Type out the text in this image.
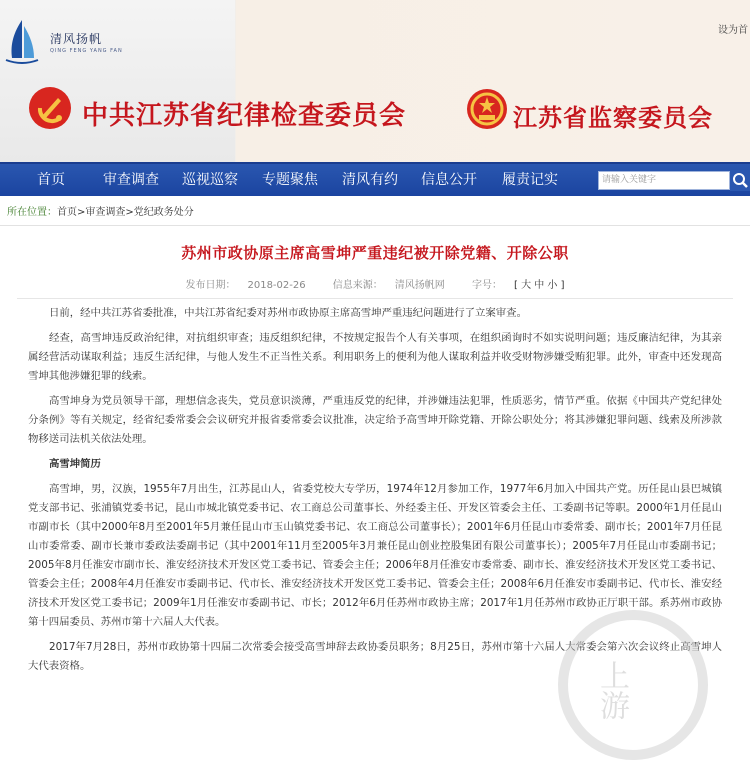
清风扬帆
QING FENG YANG FAN
设为首
中共江苏省纪律检查委员会	江苏省监察委员会
首页	审查调查 巡视巡察 专题聚焦 清风有约 信息公开 履责记实	请输入关键字
所在位置：首页>审查调查>党纪政务处分
苏州市政协原主席高雪坤严重违纪被开除党籍、开除公职
发布日期： 2018-02-26	信息来源： 清风扬帆网	字号： [ 大 中 小 ]

日前，经中共江苏省委批准，中共江苏省纪委对苏州市政协原主席高雪坤严重违纪问题进行了立案审查。

经查，高雪坤违反政治纪律，对抗组织审查；违反组织纪律，不按规定报告个人有关事项，在组织函询时不如实说明问题；违反廉洁纪律，为其亲属经营活动谋取利益；违反生活纪律，与他人发生不正当性关系。利用职务上的便利为他人谋取利益并收受财物涉嫌受贿犯罪。此外，审查中还发现高雪坤其他涉嫌犯罪的线索。

高雪坤身为党员领导干部，理想信念丧失，党员意识淡薄，严重违反党的纪律，并涉嫌违法犯罪，性质恶劣，情节严重。依据《中国共产党纪律处分条例》等有关规定，经省纪委常委会会议研究并报省委常委会议批准，决定给予高雪坤开除党籍、开除公职处分；将其涉嫌犯罪问题、线索及所涉款物移送司法机关依法处理。

高雪坤简历

高雪坤，男，汉族，1955年7月出生，江苏昆山人，省委党校大专学历，1974年12月参加工作，1977年6月加入中国共产党。历任昆山县巴城镇党支部书记、张浦镇党委书记，昆山市城北镇党委书记、农工商总公司董事长、外经委主任、开发区管委会主任、工委副书记等职。2000年1月任昆山市副市长（其中2000年8月至2001年5月兼任昆山市玉山镇党委书记、农工商总公司董事长）；2001年6月任昆山市委常委、副市长；2001年7月任昆山市委常委、副市长兼市委政法委副书记（其中2001年11月至2005年3月兼任昆山创业控股集团有限公司董事长）；2005年7月任昆山市委副书记；2005年8月任淮安市副市长、淮安经济技术开发区党工委书记、管委会主任；2006年8月任淮安市委常委、副市长、淮安经济技术开发区党工委书记、管委会主任；2008年4月任淮安市委副书记、代市长、淮安经济技术开发区党工委书记、管委会主任；2008年6月任淮安市委副书记、代市长、淮安经济技术开发区党工委书记；2009年1月任淮安市委副书记、市长；2012年6月任苏州市政协主席；2017年1月任苏州市政协正厅职干部。系苏州市政协第十四届委员、苏州市第十六届人大代表。

2017年7月28日，苏州市政协第十四届二次常委会接受高雪坤辞去政协委员职务；8月25日，苏州市第十六届人大常委会第六次会议终止高雪坤人大代表资格。	上游
